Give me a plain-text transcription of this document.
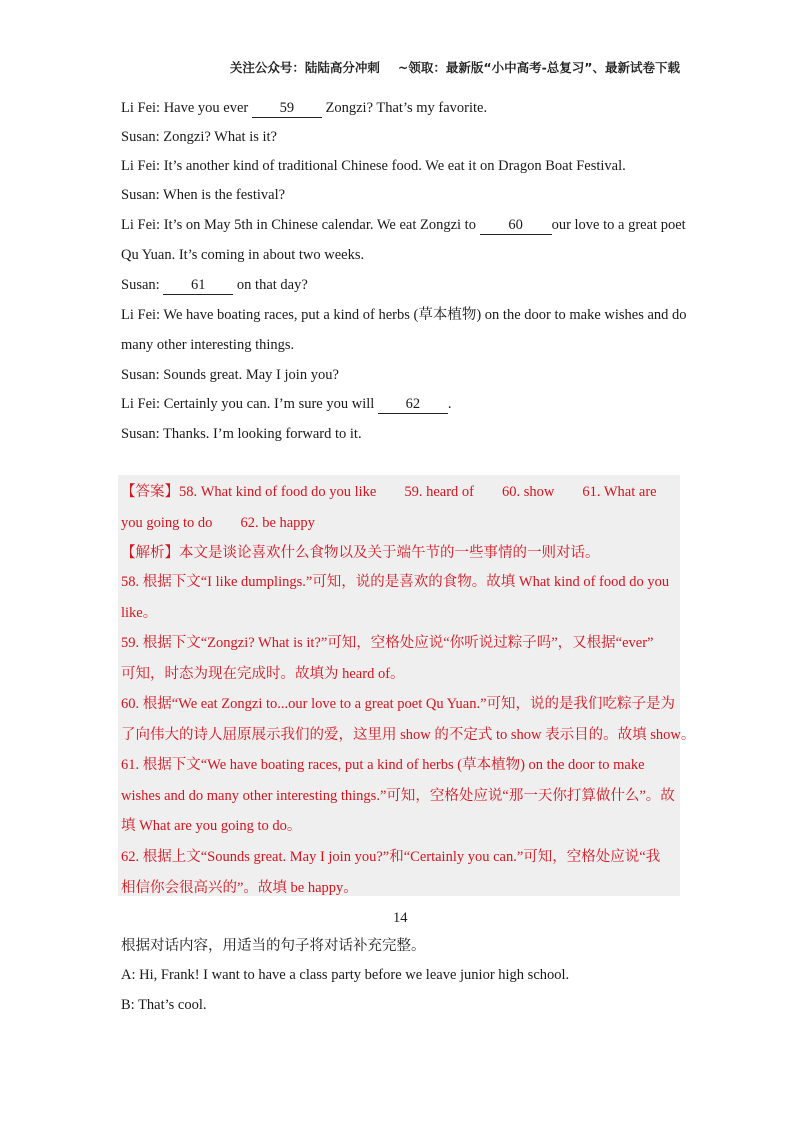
关注公众号：陆陆高分冲刺 ~领取：最新版“小中高考-总复习”、最新试卷下载
Li Fei: Have you ever 59 Zongzi? That’s my favorite.
Susan: Zongzi? What is it?
Li Fei: It’s another kind of traditional Chinese food. We eat it on Dragon Boat Festival.
Susan: When is the festival?
Li Fei: It’s on May 5th in Chinese calendar. We eat Zongzi to 60 our love to a great poet
Qu Yuan. It’s coming in about two weeks.
Susan: 61 on that day?
Li Fei: We have boating races, put a kind of herbs (草本植物) on the door to make wishes and do
many other interesting things.
Susan: Sounds great. May I join you?
Li Fei: Certainly you can. I’m sure you will 62 .
Susan: Thanks. I’m looking forward to it.
【答案】58. What kind of food do you like 59. heard of 60. show 61. What are
you going to do 62. be happy
【解析】本文是谈论喜欢什么食物以及关于端午节的一些事情的一则对话。
58. 根据下文“I like dumplings.”可知，说的是喜欢的食物。故填 What kind of food do you
like。
59. 根据下文“Zongzi? What is it?”可知，空格处应说“你听说过粽子吗”，又根据“ever”
可知，时态为现在完成时。故填为 heard of。
60. 根据“We eat Zongzi to...our love to a great poet Qu Yuan.”可知，说的是我们吃粽子是为
了向伟大的诗人屈原展示我们的爱，这里用 show 的不定式 to show 表示目的。故填 show。
61. 根据下文“We have boating races, put a kind of herbs (草本植物) on the door to make
wishes and do many other interesting things.”可知，空格处应说“那一天你打算做什么”。故
填 What are you going to do。
62. 根据上文“Sounds great. May I join you?”和“Certainly you can.”可知，空格处应说“我
相信你会很高兴的”。故填 be happy。
14
根据对话内容，用适当的句子将对话补充完整。
A: Hi, Frank! I want to have a class party before we leave junior high school.
B: That’s cool.
